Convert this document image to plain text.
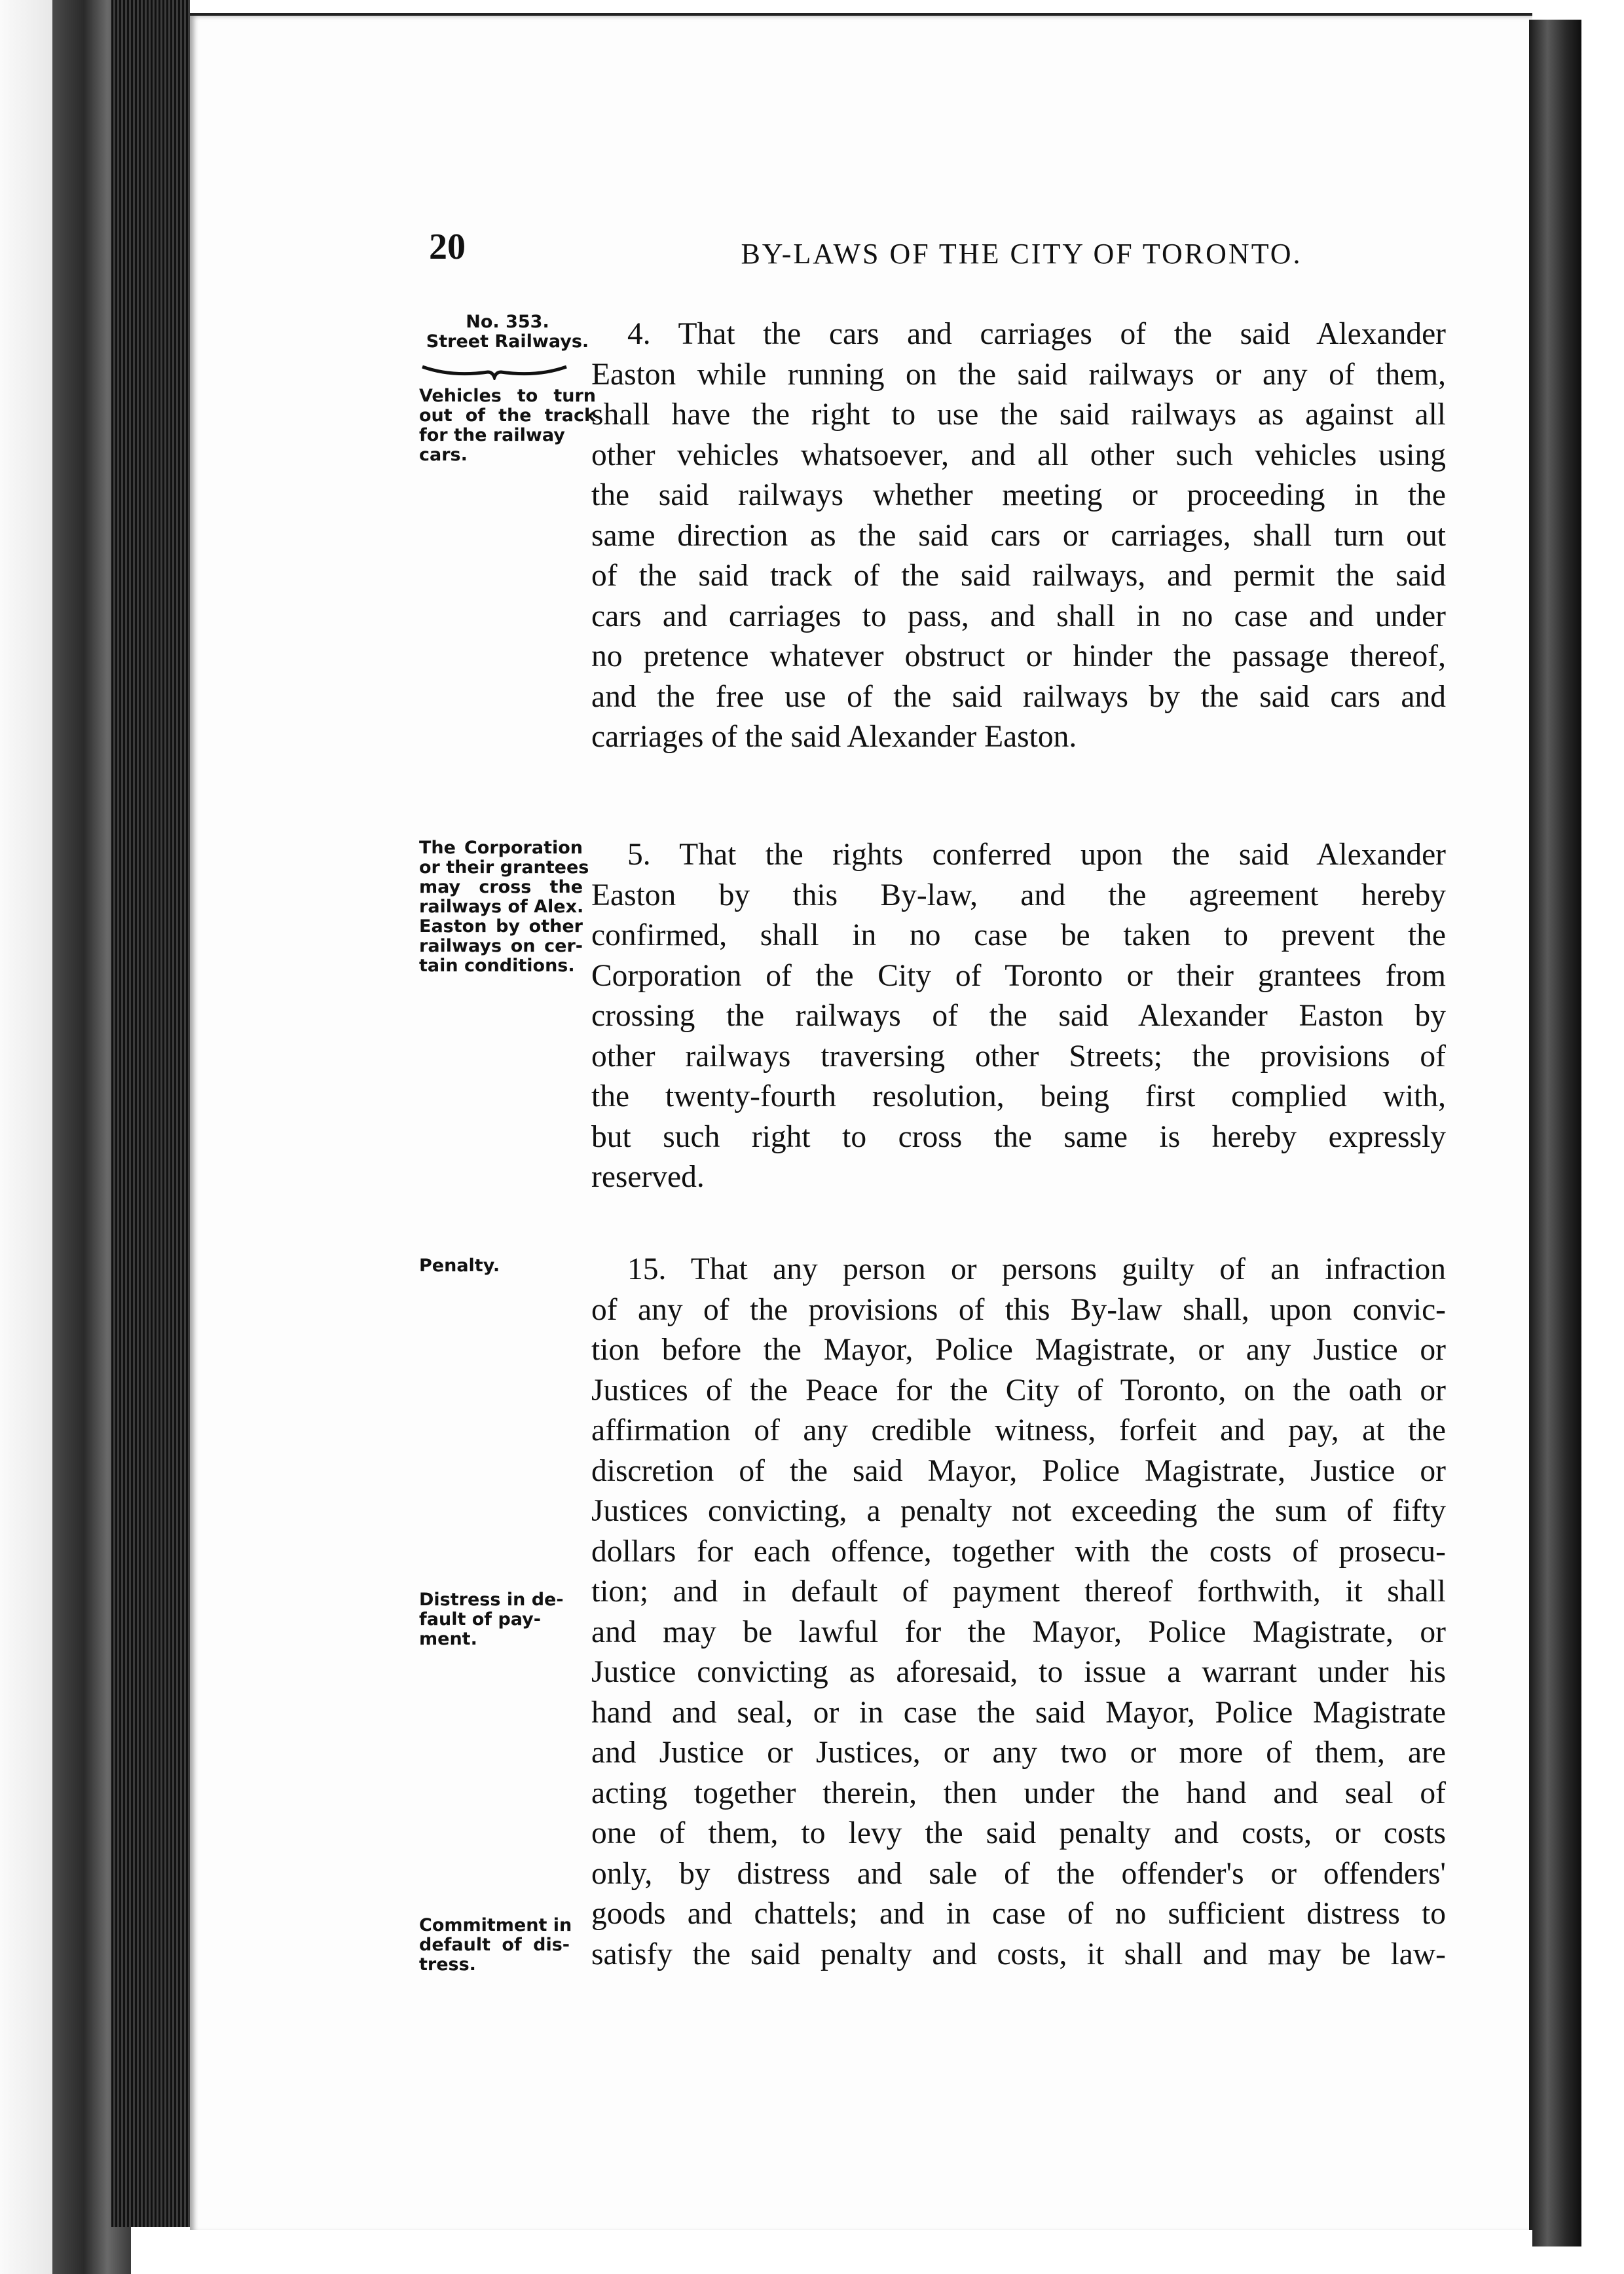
20	BY-LAWS OF THE CITY OF TORONTO.
No. 353.
Street Railways.
Vehicles to turn
out of the track
for the railway
cars.
The Corporation
or their grantees
may cross the
railways of Alex.
Easton by other
railways on cer-
tain conditions.
Penalty.
Distress in de-
fault of pay-
ment.
Commitment in
default of dis-
tress.
4. That the cars and carriages of the said Alexander
Easton while running on the said railways or any of them,
shall have the right to use the said railways as against all
other vehicles whatsoever, and all other such vehicles using
the said railways whether meeting or proceeding in the
same direction as the said cars or carriages, shall turn out
of the said track of the said railways, and permit the said
cars and carriages to pass, and shall in no case and under
no pretence whatever obstruct or hinder the passage thereof,
and the free use of the said railways by the said cars and
carriages of the said Alexander Easton.
5. That the rights conferred upon the said Alexander
Easton by this By-law, and the agreement hereby
confirmed, shall in no case be taken to prevent the
Corporation of the City of Toronto or their grantees from
crossing the railways of the said Alexander Easton by
other railways traversing other Streets; the provisions of
the twenty-fourth resolution, being first complied with,
but such right to cross the same is hereby expressly
reserved.
15. That any person or persons guilty of an infraction
of any of the provisions of this By-law shall, upon convic-
tion before the Mayor, Police Magistrate, or any Justice or
Justices of the Peace for the City of Toronto, on the oath or
affirmation of any credible witness, forfeit and pay, at the
discretion of the said Mayor, Police Magistrate, Justice or
Justices convicting, a penalty not exceeding the sum of fifty
dollars for each offence, together with the costs of prosecu-
tion; and in default of payment thereof forthwith, it shall
and may be lawful for the Mayor, Police Magistrate, or
Justice convicting as aforesaid, to issue a warrant under his
hand and seal, or in case the said Mayor, Police Magistrate
and Justice or Justices, or any two or more of them, are
acting together therein, then under the hand and seal of
one of them, to levy the said penalty and costs, or costs
only, by distress and sale of the offender's or offenders'
goods and chattels; and in case of no sufficient distress to
satisfy the said penalty and costs, it shall and may be law-
